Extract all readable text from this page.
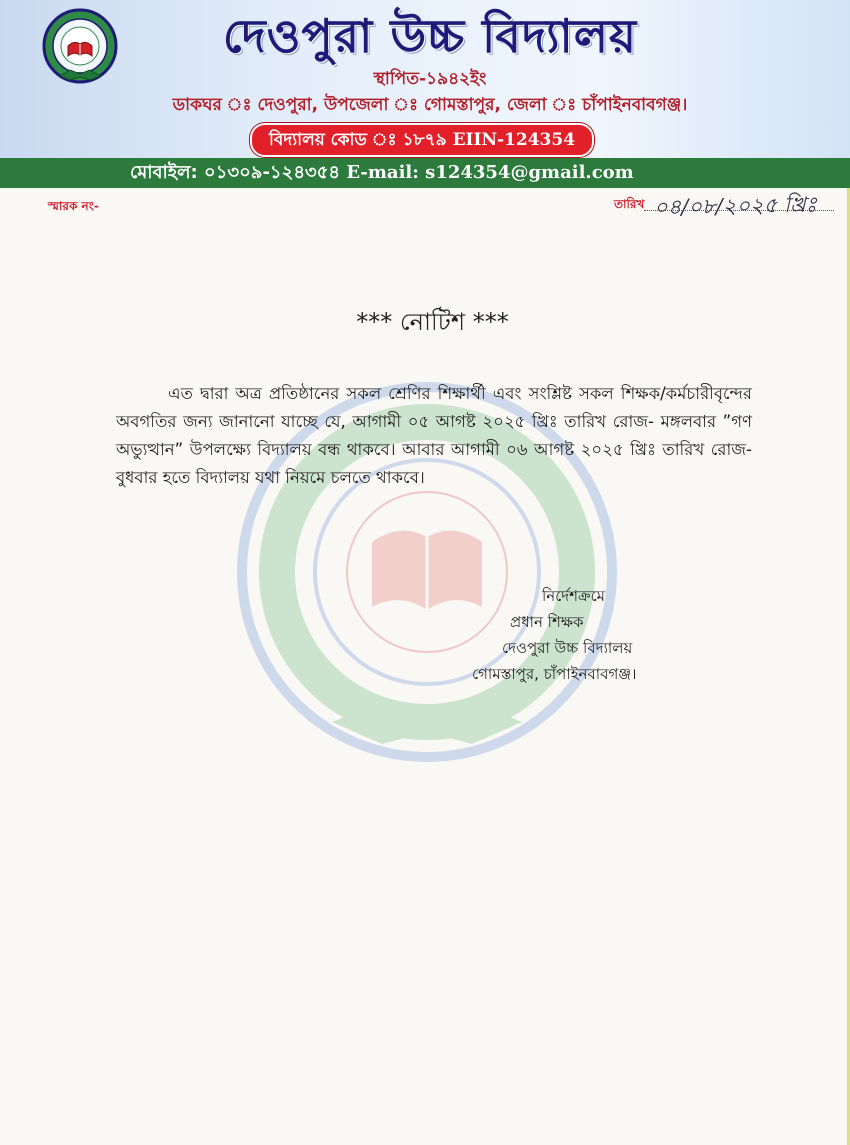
দেওপুরা উচ্চ বিদ্যালয়
স্থাপিত-১৯৪২ইং
ডাকঘর ঃ দেওপুরা, উপজেলা ঃ গোমস্তাপুর, জেলা ঃ চাঁপাইনবাবগঞ্জ।
বিদ্যালয় কোড ঃ ১৮৭৯ EIIN-124354
মোবাইল: ০১৩০৯-১২৪৩৫৪ E-mail: s124354@gmail.com
স্মারক নং-	তারিখ ০৪/০৮/২০২৫ খ্রিঃ
*** নোটিশ ***
এত দ্বারা অত্র প্রতিষ্ঠানের সকল শ্রেণির শিক্ষার্থী এবং সংশ্লিষ্ট সকল শিক্ষক/কর্মচারীবৃন্দের অবগতির জন্য জানানো যাচ্ছে যে, আগামী ০৫ আগষ্ট ২০২৫ খ্রিঃ তারিখ রোজ- মঙ্গলবার ”গণ অভ্যুত্থান” উপলক্ষ্যে বিদ্যালয় বন্ধ থাকবে। আবার আগামী ০৬ আগষ্ট ২০২৫ খ্রিঃ তারিখ রোজ- বুধবার হতে বিদ্যালয় যথা নিয়মে চলতে থাকবে।
নির্দেশক্রমে
প্রধান শিক্ষক
দেওপুরা উচ্চ বিদ্যালয়
গোমস্তাপুর, চাঁপাইনবাবগঞ্জ।
